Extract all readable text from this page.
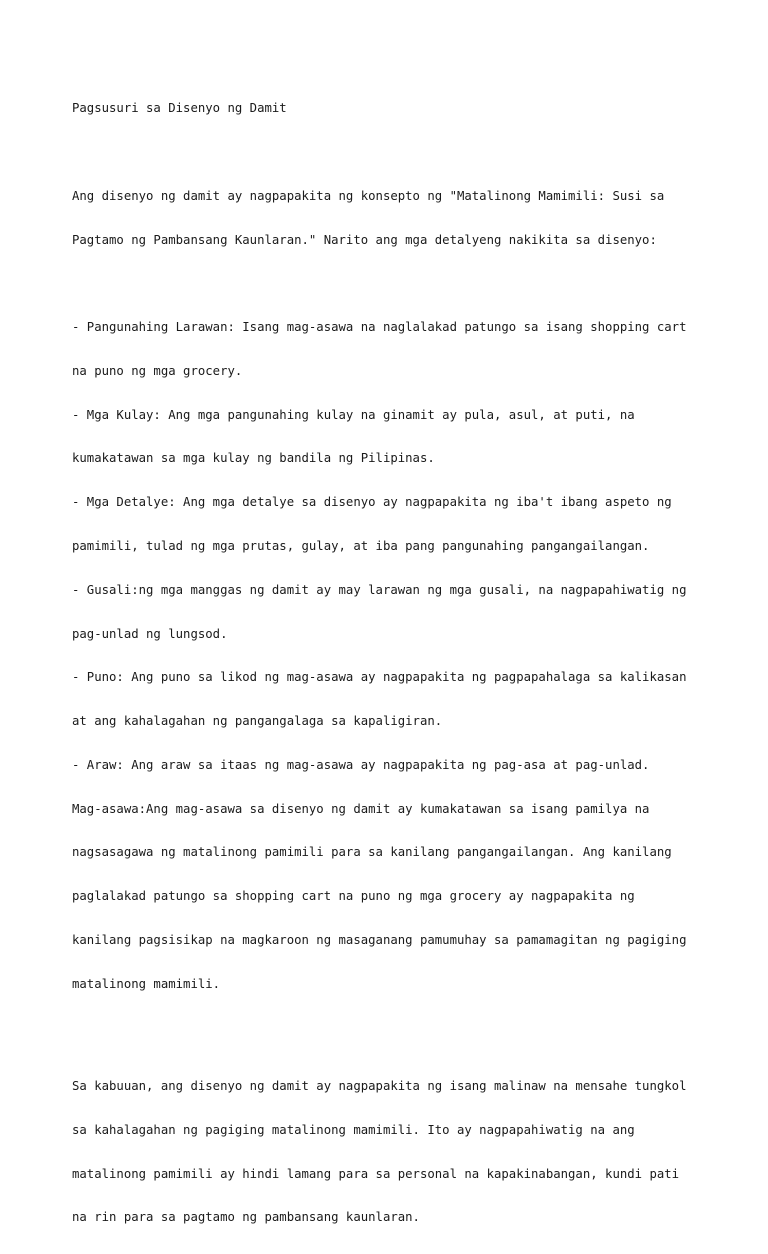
Pagsusuri sa Disenyo ng Damit

Ang disenyo ng damit ay nagpapakita ng konsepto ng "Matalinong Mamimili: Susi sa

Pagtamo ng Pambansang Kaunlaran." Narito ang mga detalyeng nakikita sa disenyo:

- Pangunahing Larawan: Isang mag-asawa na naglalakad patungo sa isang shopping cart

na puno ng mga grocery.

- Mga Kulay: Ang mga pangunahing kulay na ginamit ay pula, asul, at puti, na

kumakatawan sa mga kulay ng bandila ng Pilipinas.

- Mga Detalye: Ang mga detalye sa disenyo ay nagpapakita ng iba't ibang aspeto ng

pamimili, tulad ng mga prutas, gulay, at iba pang pangunahing pangangailangan.

- Gusali:ng mga manggas ng damit ay may larawan ng mga gusali, na nagpapahiwatig ng

pag-unlad ng lungsod.

- Puno: Ang puno sa likod ng mag-asawa ay nagpapakita ng pagpapahalaga sa kalikasan

at ang kahalagahan ng pangangalaga sa kapaligiran.

- Araw: Ang araw sa itaas ng mag-asawa ay nagpapakita ng pag-asa at pag-unlad.

Mag-asawa:Ang mag-asawa sa disenyo ng damit ay kumakatawan sa isang pamilya na

nagsasagawa ng matalinong pamimili para sa kanilang pangangailangan. Ang kanilang

paglalakad patungo sa shopping cart na puno ng mga grocery ay nagpapakita ng

kanilang pagsisikap na magkaroon ng masaganang pamumuhay sa pamamagitan ng pagiging

matalinong mamimili.

Sa kabuuan, ang disenyo ng damit ay nagpapakita ng isang malinaw na mensahe tungkol

sa kahalagahan ng pagiging matalinong mamimili. Ito ay nagpapahiwatig na ang

matalinong pamimili ay hindi lamang para sa personal na kapakinabangan, kundi pati

na rin para sa pagtamo ng pambansang kaunlaran.
